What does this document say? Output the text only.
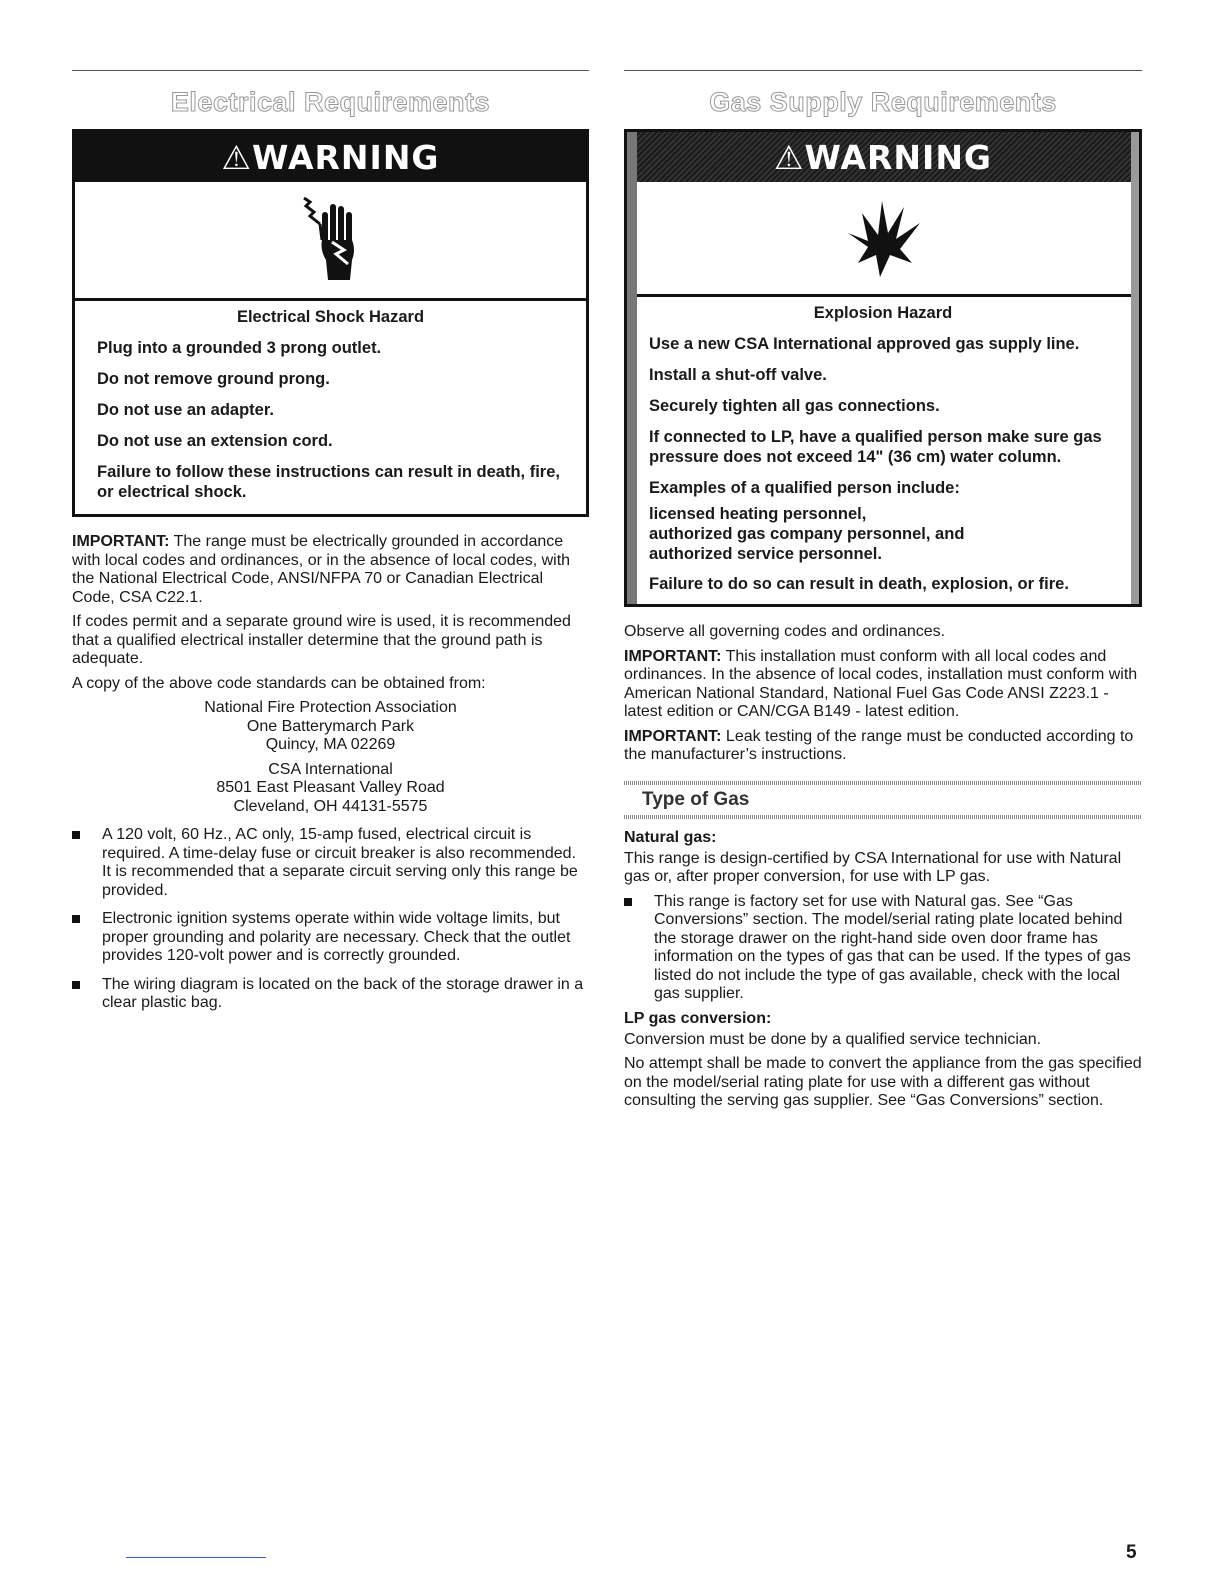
Electrical Requirements
⚠WARNING

Electrical Shock Hazard

Plug into a grounded 3 prong outlet.

Do not remove ground prong.

Do not use an adapter.

Do not use an extension cord.

Failure to follow these instructions can result in death, fire, or electrical shock.

IMPORTANT: The range must be electrically grounded in accordance with local codes and ordinances, or in the absence of local codes, with the National Electrical Code, ANSI/NFPA 70 or Canadian Electrical Code, CSA C22.1.

If codes permit and a separate ground wire is used, it is recommended that a qualified electrical installer determine that the ground path is adequate.

A copy of the above code standards can be obtained from:

National Fire Protection Association
One Batterymarch Park
Quincy, MA 02269
CSA International
8501 East Pleasant Valley Road
Cleveland, OH 44131-5575
A 120 volt, 60 Hz., AC only, 15-amp fused, electrical circuit is required. A time-delay fuse or circuit breaker is also recommended. It is recommended that a separate circuit serving only this range be provided.
Electronic ignition systems operate within wide voltage limits, but proper grounding and polarity are necessary. Check that the outlet provides 120-volt power and is correctly grounded.
The wiring diagram is located on the back of the storage drawer in a clear plastic bag.
Gas Supply Requirements
⚠WARNING

Explosion Hazard

Use a new CSA International approved gas supply line.

Install a shut-off valve.

Securely tighten all gas connections.

If connected to LP, have a qualified person make sure gas pressure does not exceed 14" (36 cm) water column.

Examples of a qualified person include:

licensed heating personnel,

authorized gas company personnel, and

authorized service personnel.

Failure to do so can result in death, explosion, or fire.

Observe all governing codes and ordinances.

IMPORTANT: This installation must conform with all local codes and ordinances. In the absence of local codes, installation must conform with American National Standard, National Fuel Gas Code ANSI Z223.1 - latest edition or CAN/CGA B149 - latest edition.

IMPORTANT: Leak testing of the range must be conducted according to the manufacturer’s instructions.

Type of Gas
Natural gas:

This range is design-certified by CSA International for use with Natural gas or, after proper conversion, for use with LP gas.

This range is factory set for use with Natural gas. See “Gas Conversions” section. The model/serial rating plate located behind the storage drawer on the right-hand side oven door frame has information on the types of gas that can be used. If the types of gas listed do not include the type of gas available, check with the local gas supplier.
LP gas conversion:

Conversion must be done by a qualified service technician.

No attempt shall be made to convert the appliance from the gas specified on the model/serial rating plate for use with a different gas without consulting the serving gas supplier. See “Gas Conversions” section.

5
